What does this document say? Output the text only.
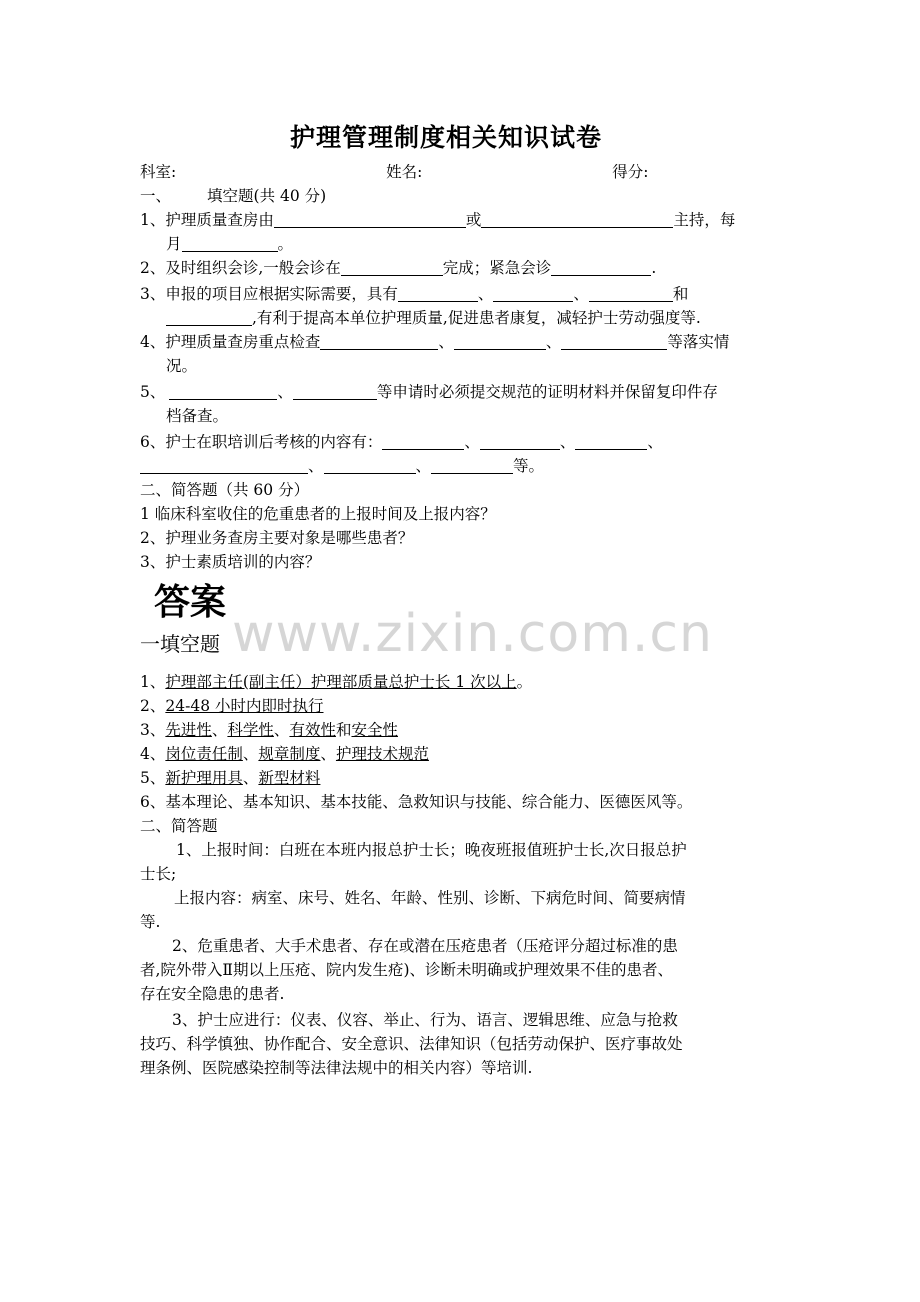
www.zixin.com.cn
护理管理制度相关知识试卷
科室:	姓名:	得分:
一、 填空题(共 40 分)
1、护理质量查房由	或	主持，每
月	。
2、及时组织会诊,一般会诊在	完成；紧急会诊	.
3、申报的项目应根据实际需要，具有	、	、	和
,有利于提高本单位护理质量,促进患者康复，减轻护士劳动强度等.
4、护理质量查房重点检查	、	、	等落实情
况。
5、	、	等申请时必须提交规范的证明材料并保留复印件存
档备查。
6、护士在职培训后考核的内容有：	、	、	、
、	、	等。
二、简答题（共 60 分）
1 临床科室收住的危重患者的上报时间及上报内容？
2、护理业务查房主要对象是哪些患者？
3、护士素质培训的内容？
答案
一填空题
1、护理部主任(副主任）护理部质量总护士长 1 次以上。
2、24-48 小时内即时执行
3、先进性、科学性、有效性和安全性
4、岗位责任制、规章制度、护理技术规范
5、新护理用具、新型材料
6、基本理论、基本知识、基本技能、急救知识与技能、综合能力、医德医风等。
二、简答题
1、上报时间：白班在本班内报总护士长；晚夜班报值班护士长,次日报总护
士长;
上报内容：病室、床号、姓名、年龄、性别、诊断、下病危时间、简要病情
等.
2、危重患者、大手术患者、存在或潜在压疮患者（压疮评分超过标准的患
者,院外带入Ⅱ期以上压疮、院内发生疮)、诊断未明确或护理效果不佳的患者、
存在安全隐患的患者.
3、护士应进行：仪表、仪容、举止、行为、语言、逻辑思维、应急与抢救
技巧、科学慎独、协作配合、安全意识、法律知识（包括劳动保护、医疗事故处
理条例、医院感染控制等法律法规中的相关内容）等培训.
